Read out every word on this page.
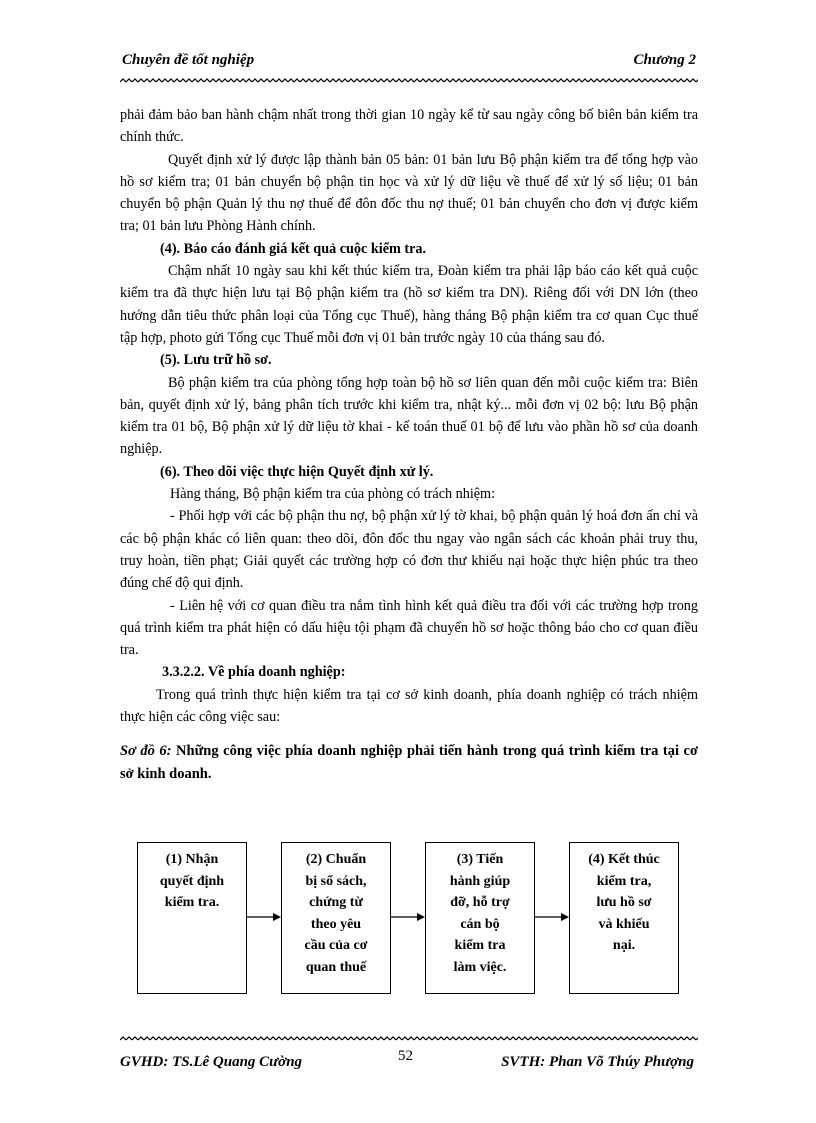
Chuyên đề tốt nghiệp	Chương 2

phải đảm bảo ban hành chậm nhất trong thời gian 10 ngày kể từ sau ngày công bố biên bản kiểm tra chính thức.

Quyết định xử lý được lập thành bản 05 bản: 01 bản lưu Bộ phận kiểm tra để tổng hợp vào hồ sơ kiểm tra; 01 bản chuyển bộ phận tin học và xử lý dữ liệu về thuế để xử lý số liệu; 01 bản chuyển bộ phận Quản lý thu nợ thuế để đôn đốc thu nợ thuế; 01 bản chuyển cho đơn vị được kiểm tra; 01 bản lưu Phòng Hành chính.

(4). Báo cáo đánh giá kết quả cuộc kiểm tra.

Chậm nhất 10 ngày sau khi kết thúc kiểm tra, Đoàn kiểm tra phải lập báo cáo kết quả cuộc kiểm tra đã thực hiện lưu tại Bộ phận kiểm tra (hồ sơ kiểm tra DN). Riêng đối với DN lớn (theo hướng dẫn tiêu thức phân loại của Tổng cục Thuế), hàng tháng Bộ phận kiểm tra cơ quan Cục thuế tập hợp, photo gửi Tổng cục Thuế mỗi đơn vị 01 bản trước ngày 10 của tháng sau đó.

(5). Lưu trữ hồ sơ.

Bộ phận kiểm tra của phòng tổng hợp toàn bộ hồ sơ liên quan đến mỗi cuộc kiểm tra: Biên bản, quyết định xử lý, bảng phân tích trước khi kiểm tra, nhật ký... mỗi đơn vị 02 bộ: lưu Bộ phận kiểm tra 01 bộ, Bộ phận xử lý dữ liệu tờ khai - kế toán thuế 01 bộ để lưu vào phần hồ sơ của doanh nghiệp.

(6). Theo dõi việc thực hiện Quyết định xử lý.

Hàng tháng, Bộ phận kiểm tra của phòng có trách nhiệm:

- Phối hợp với các bộ phận thu nợ, bộ phận xử lý tờ khai, bộ phận quản lý hoá đơn ấn chỉ và các bộ phận khác có liên quan: theo dõi, đôn đốc thu ngay vào ngân sách các khoản phải truy thu, truy hoàn, tiền phạt; Giải quyết các trường hợp có đơn thư khiếu nại hoặc thực hiện phúc tra theo đúng chế độ qui định.

- Liên hệ với cơ quan điều tra nắm tình hình kết quả điều tra đối với các trường hợp trong quá trình kiểm tra phát hiện có dấu hiệu tội phạm đã chuyển hồ sơ hoặc thông báo cho cơ quan điều tra.

3.3.2.2. Về phía doanh nghiệp:

Trong quá trình thực hiện kiểm tra tại cơ sở kinh doanh, phía doanh nghiệp có trách nhiệm thực hiện các công việc sau:

Sơ đồ 6: Những công việc phía doanh nghiệp phải tiến hành trong quá trình kiểm tra tại cơ sở kinh doanh.
(1) Nhận
quyết định
kiểm tra.
(2) Chuẩn
bị sổ sách,
chứng từ
theo yêu
cầu của cơ
quan thuế
(3) Tiến
hành giúp
đỡ, hỗ trợ
cán bộ
kiểm tra
làm việc.
(4) Kết thúc
kiểm tra,
lưu hồ sơ
và khiếu
nại.
GVHD: TS.Lê Quang Cường	52	SVTH: Phan Võ Thúy Phượng
